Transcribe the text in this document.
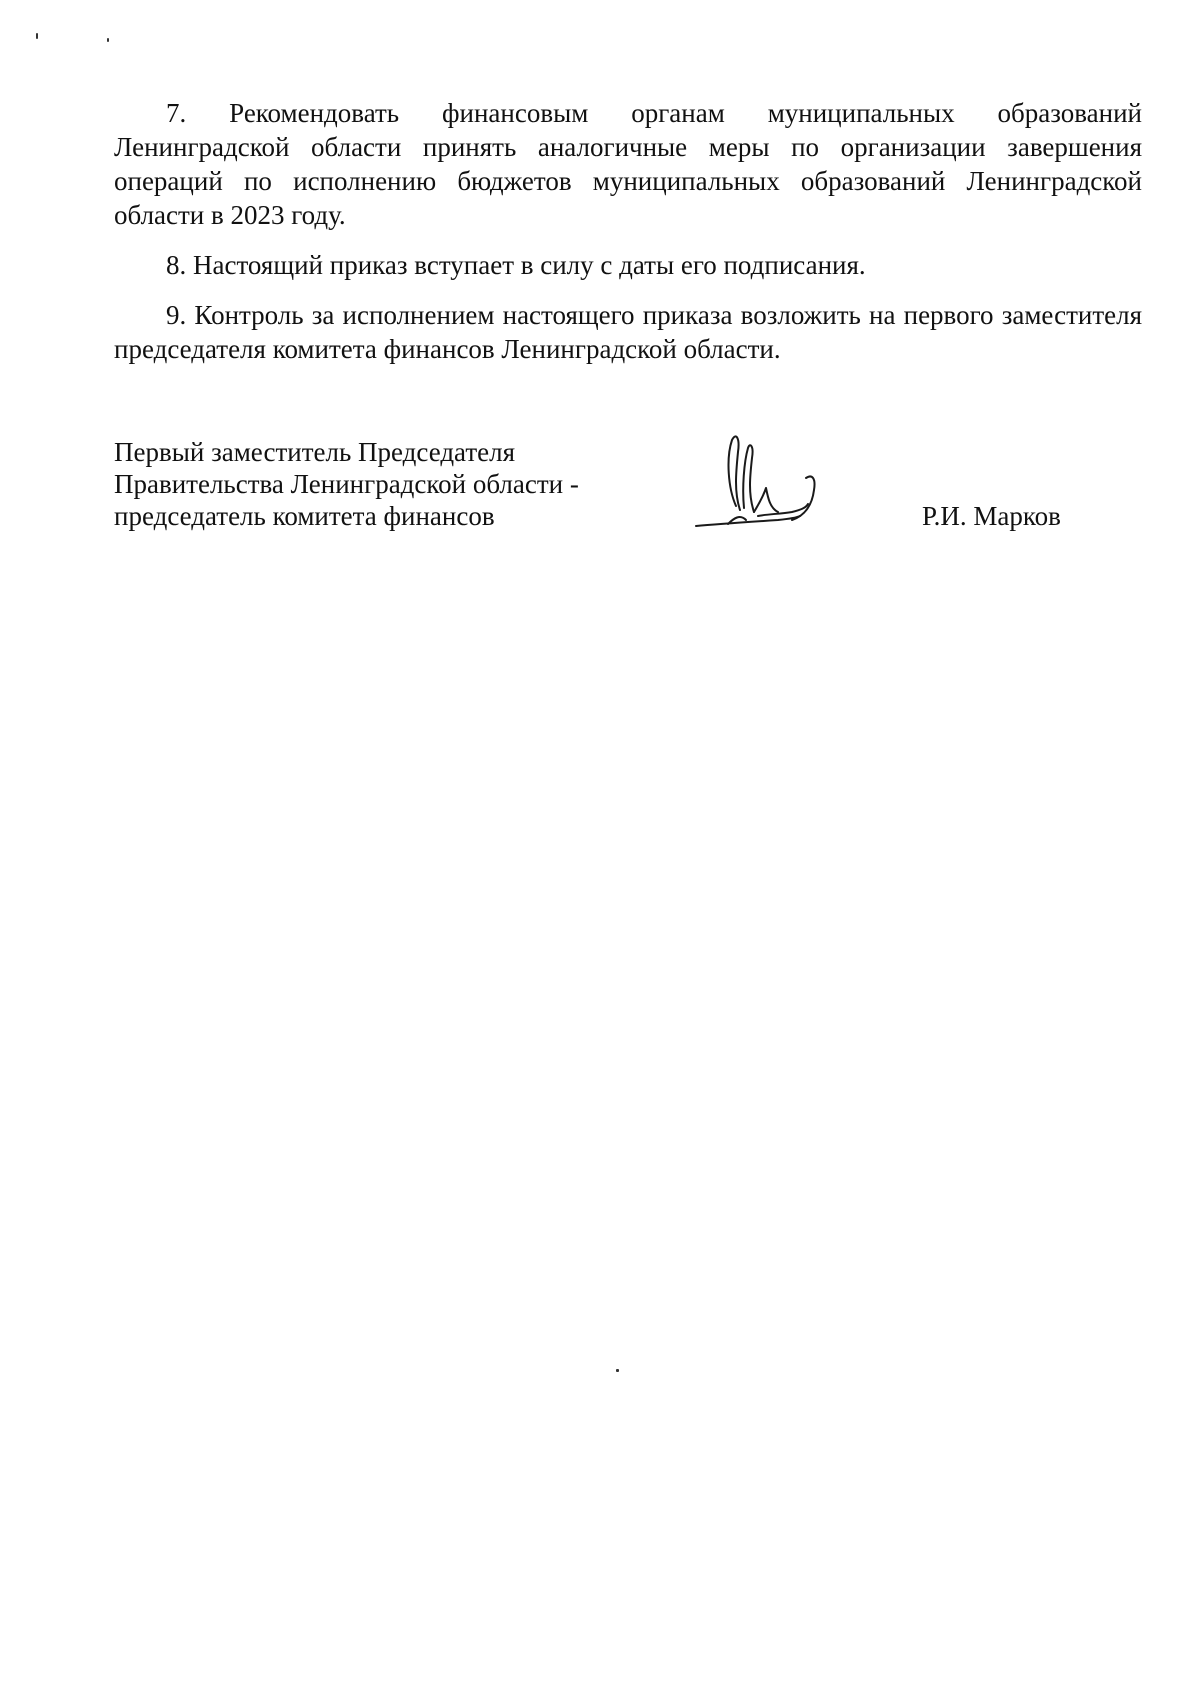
7. Рекомендовать финансовым органам муниципальных образований Ленинградской области принять аналогичные меры по организации завершения операций по исполнению бюджетов муниципальных образований Ленинградской области в 2023 году.

8. Настоящий приказ вступает в силу с даты его подписания.

9. Контроль за исполнением настоящего приказа возложить на первого заместителя председателя комитета финансов Ленинградской области.

Первый заместитель Председателя
Правительства Ленинградской области -
председатель комитета финансов	Р.И. Марков
